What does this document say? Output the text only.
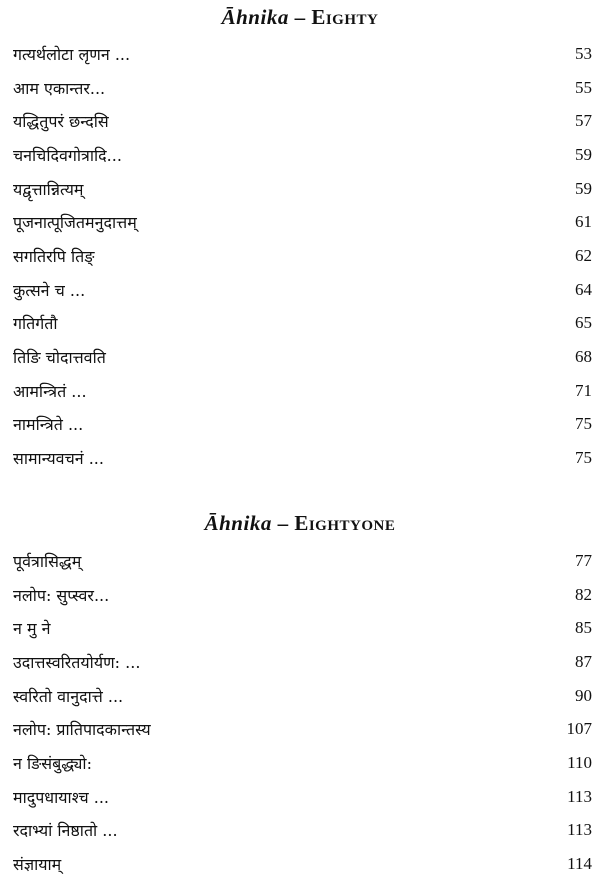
Āhnika – Eighty
गत्यर्थलोटा लृणन ...	53
आम एकान्तर...	55
यद्धितुपरं छन्दसि	57
चनचिदिवगोत्रादि...	59
यद्वृत्तान्नित्यम्	59
पूजनात्पूजितमनुदात्तम्	61
सगतिरपि तिङ्	62
कुत्सने च ...	64
गतिर्गतौ	65
तिङि चोदात्तवति	68
आमन्त्रितं ...	71
नामन्त्रिते ...	75
सामान्यवचनं ...	75
Āhnika – Eightyone
पूर्वत्रासिद्धम्	77
नलोप: सुप्स्वर...	82
न मु ने	85
उदात्तस्वरितयोर्यण: ...	87
स्वरितो वानुदात्ते ...	90
नलोप: प्रातिपादकान्तस्य	107
न ङिसंबुद्ध्यो:	110
मादुपधायाश्च ...	113
रदाभ्यां निष्ठातो ...	113
संज्ञायाम्	114
